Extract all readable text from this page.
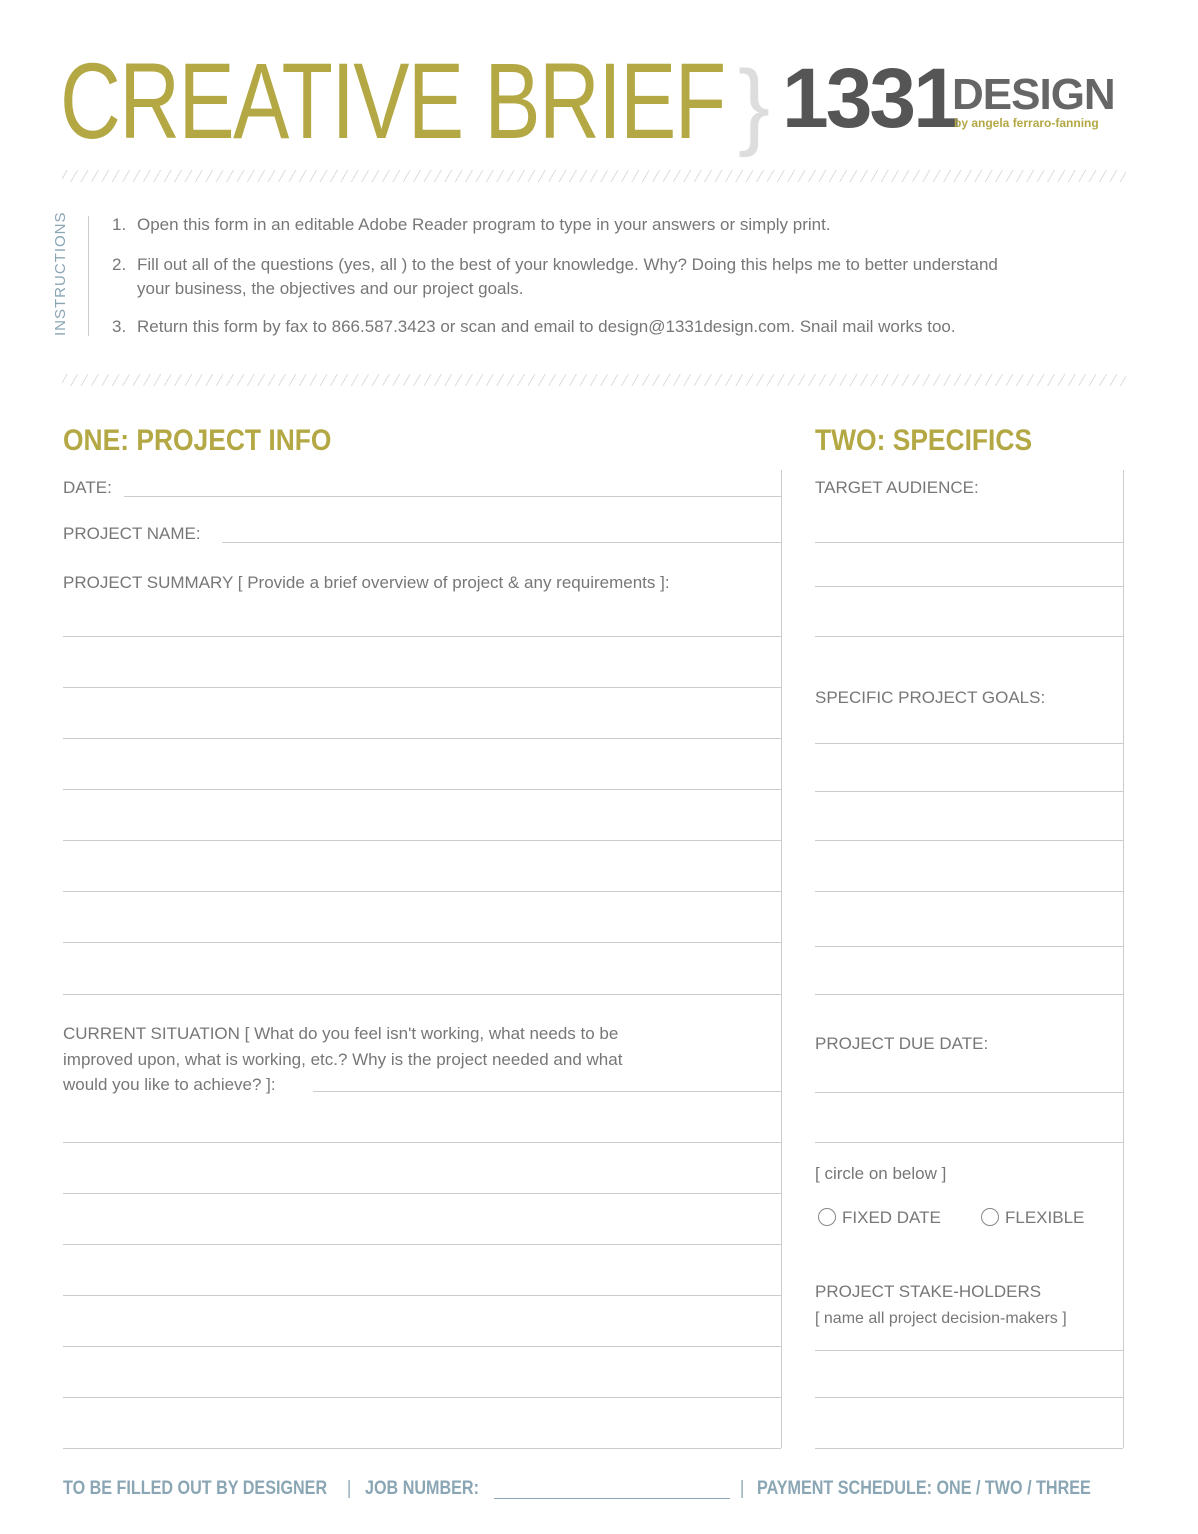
CREATIVE BRIEF } 1331
DESIGN
by angela ferraro-fanning
INSTRUCTIONS	1. Open this form in an editable Adobe Reader program to type in your answers or simply print.
2. Fill out all of the questions (yes, all ) to the best of your knowledge. Why? Doing this helps me to better understand
your business, the objectives and our project goals.
3. Return this form by fax to 866.587.3423 or scan and email to design@1331design.com. Snail mail works too.
ONE: PROJECT INFO	TWO: SPECIFICS
DATE:
PROJECT NAME:
PROJECT SUMMARY [ Provide a brief overview of project & any requirements ]:
CURRENT SITUATION [ What do you feel isn't working, what needs to be
improved upon, what is working, etc.? Why is the project needed and what
would you like to achieve? ]:
TARGET AUDIENCE:
SPECIFIC PROJECT GOALS:
PROJECT DUE DATE:
[ circle on below ]
FIXED DATE	FLEXIBLE
PROJECT STAKE-HOLDERS
[ name all project decision-makers ]
TO BE FILLED OUT BY DESIGNER | JOB NUMBER:	| PAYMENT SCHEDULE: ONE / TWO / THREE
